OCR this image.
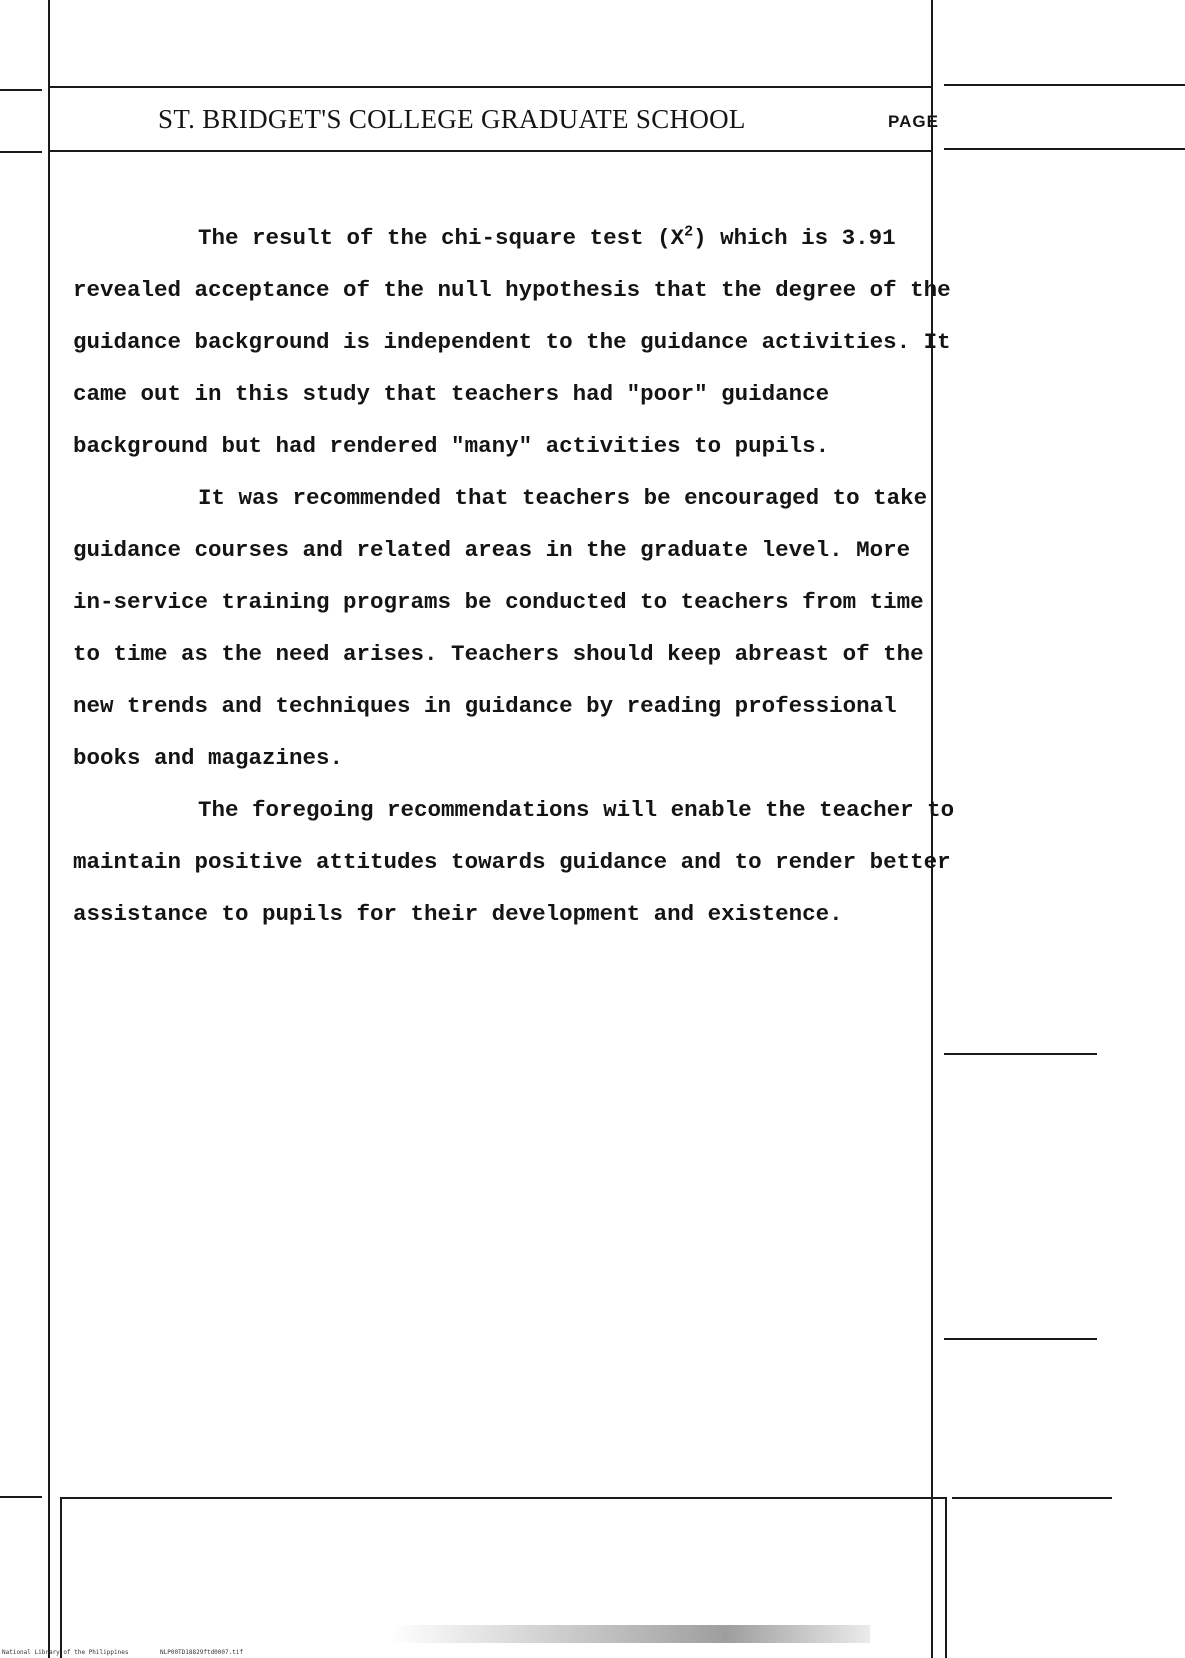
ST. BRIDGET'S COLLEGE GRADUATE SCHOOL	PAGE

The result of the chi-square test $(X^2)$ which is 3.91 revealed acceptance of the null hypothesis that the degree of the guidance background is independent to the guidance activities. It came out in this study that teachers had "poor" guidance background but had rendered "many" activities to pupils.

It was recommended that teachers be encouraged to take guidance courses and related areas in the graduate level. More in-service training programs be conducted to teachers from time to time as the need arises. Teachers should keep abreast of the new trends and techniques in guidance by reading professional books and magazines.

The foregoing recommendations will enable the teacher to maintain positive attitudes towards guidance and to render better assistance to pupils for their development and existence.

National Library of the Philippines	NLP00TD18829ftd0007.tif
